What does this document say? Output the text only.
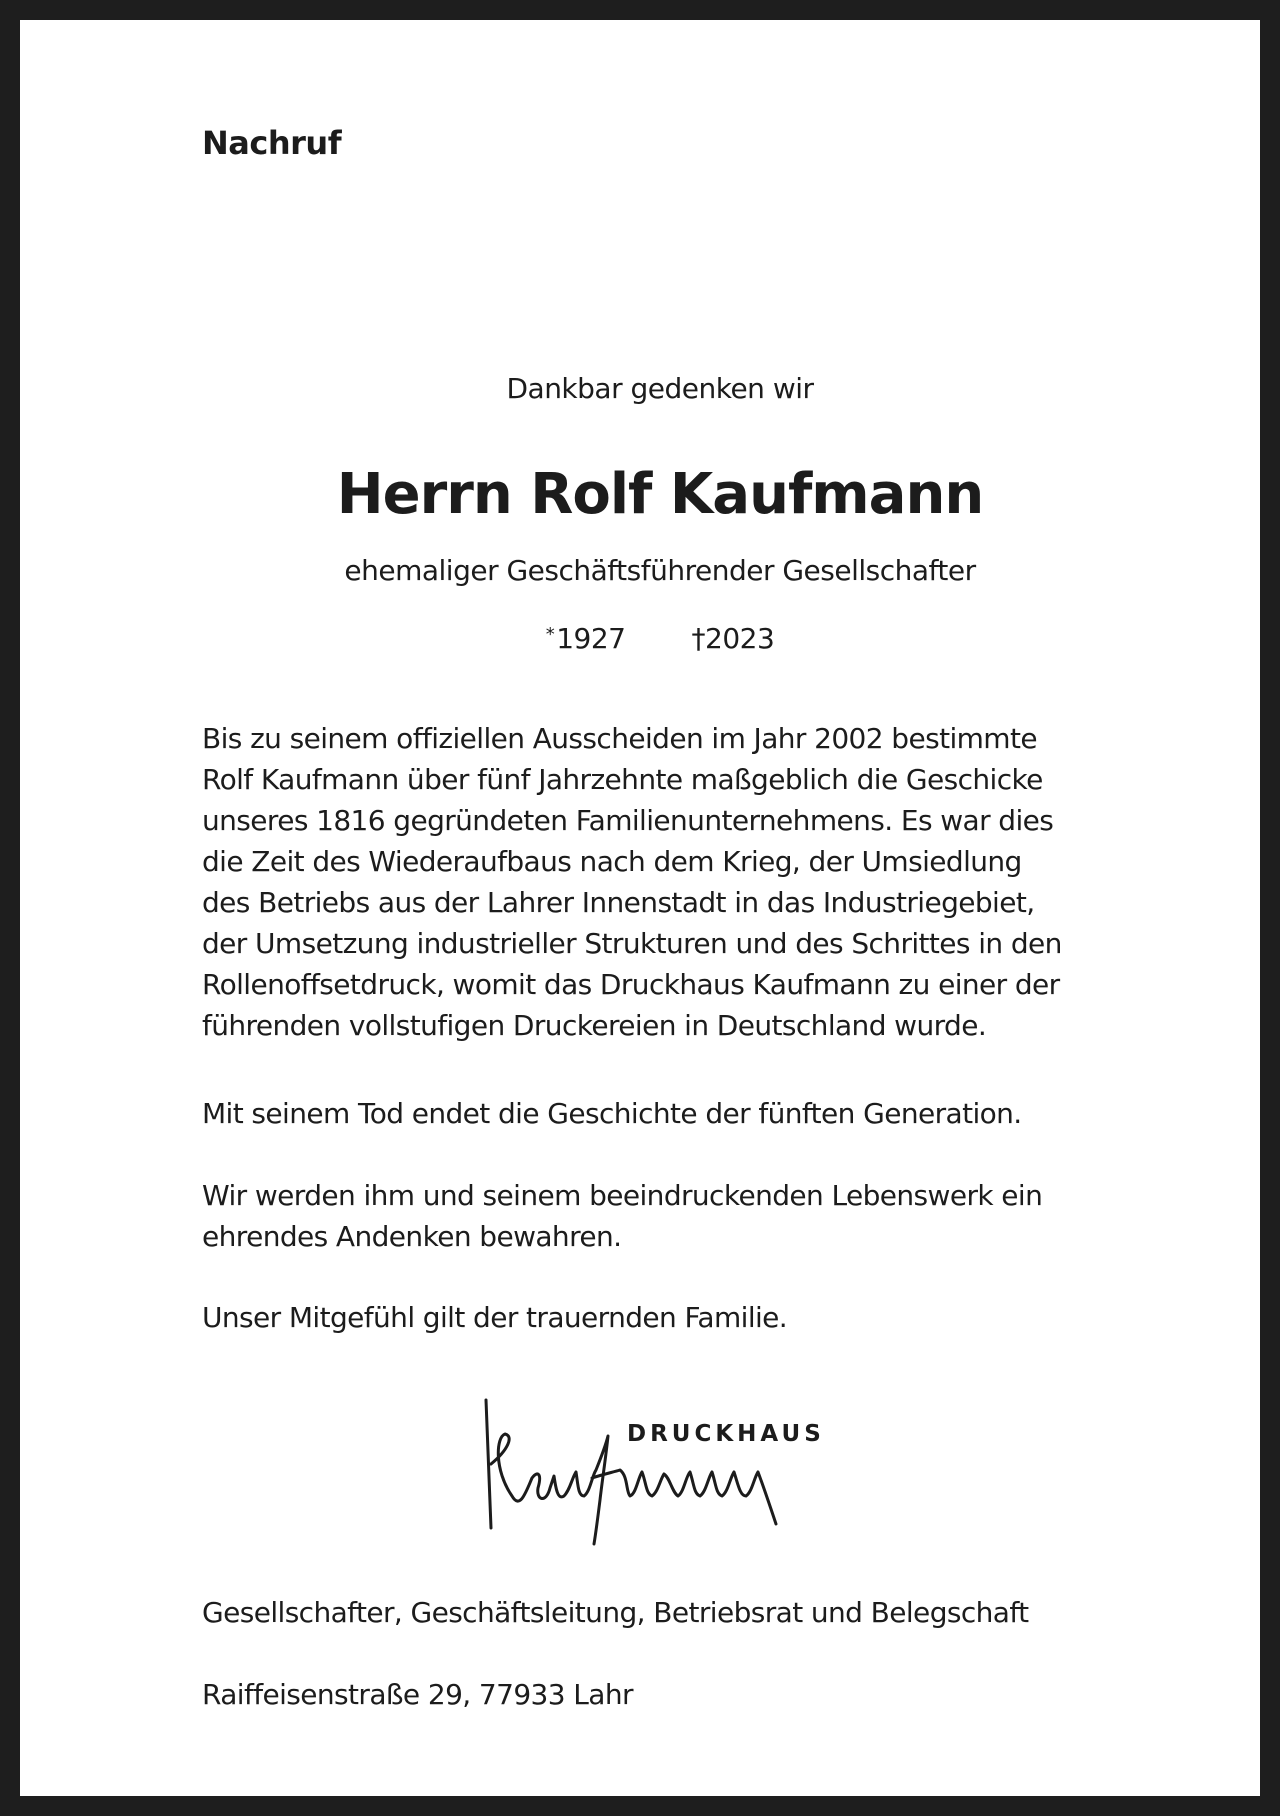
Nachruf

Dankbar gedenken wir

Herrn Rolf Kaufmann

ehemaliger Geschäftsführender Gesellschafter

*1927 †2023

Bis zu seinem offiziellen Ausscheiden im Jahr 2002 bestimmte
Rolf Kaufmann über fünf Jahrzehnte maßgeblich die Geschicke
unseres 1816 gegründeten Familienunternehmens. Es war dies
die Zeit des Wiederaufbaus nach dem Krieg, der Umsiedlung
des Betriebs aus der Lahrer Innenstadt in das Industriegebiet,
der Umsetzung industrieller Strukturen und des Schrittes in den
Rollenoffsetdruck, womit das Druckhaus Kaufmann zu einer der
führenden vollstufigen Druckereien in Deutschland wurde.

Mit seinem Tod endet die Geschichte der fünften Generation.

Wir werden ihm und seinem beeindruckenden Lebenswerk ein
ehrendes Andenken bewahren.

Unser Mitgefühl gilt der trauernden Familie.

DRUCKHAUS

Gesellschafter, Geschäftsleitung, Betriebsrat und Belegschaft

Raiffeisenstraße 29, 77933 Lahr
